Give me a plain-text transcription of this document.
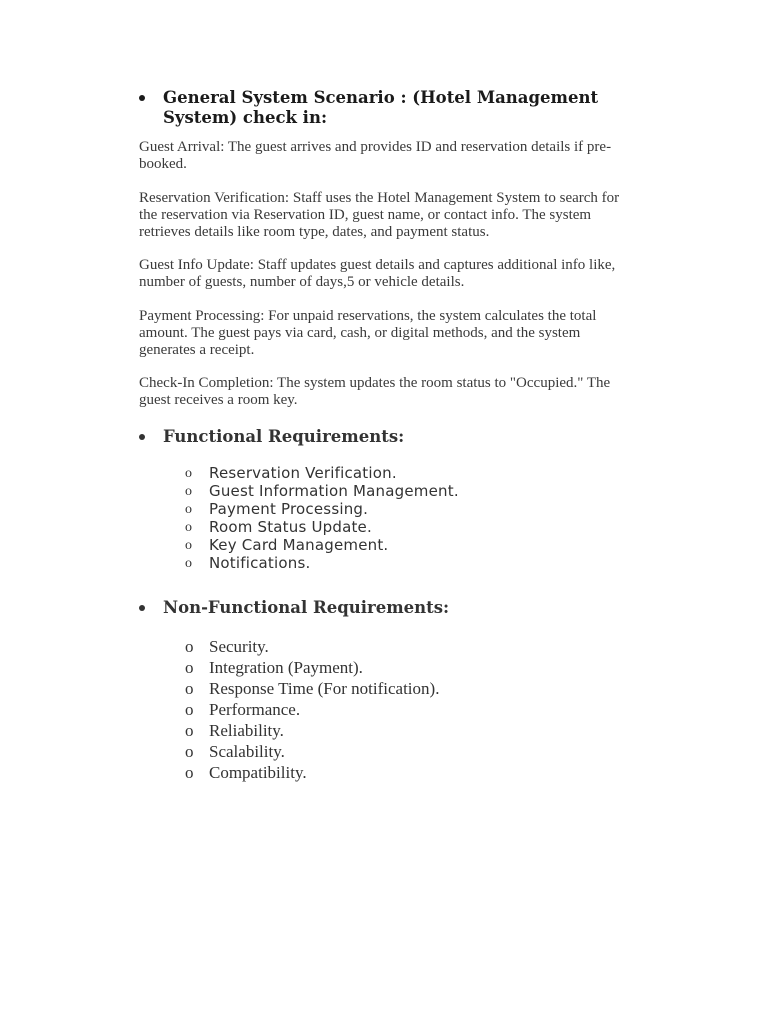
General System Scenario : (Hotel Management System) check in:

Guest Arrival: The guest arrives and provides ID and reservation details if pre-booked.

Reservation Verification: Staff uses the Hotel Management System to search for the reservation via Reservation ID, guest name, or contact info. The system retrieves details like room type, dates, and payment status.

Guest Info Update: Staff updates guest details and captures additional info like, number of guests, number of days,5 or vehicle details.

Payment Processing: For unpaid reservations, the system calculates the total amount. The guest pays via card, cash, or digital methods, and the system generates a receipt.

Check-In Completion: The system updates the room status to "Occupied." The guest receives a room key.

Functional Requirements:
o Reservation Verification.
o Guest Information Management.
o Payment Processing.
o Room Status Update.
o Key Card Management.
o Notifications.
Non-Functional Requirements:
o Security.
o Integration (Payment).
o Response Time (For notification).
o Performance.
o Reliability.
o Scalability.
o Compatibility.
